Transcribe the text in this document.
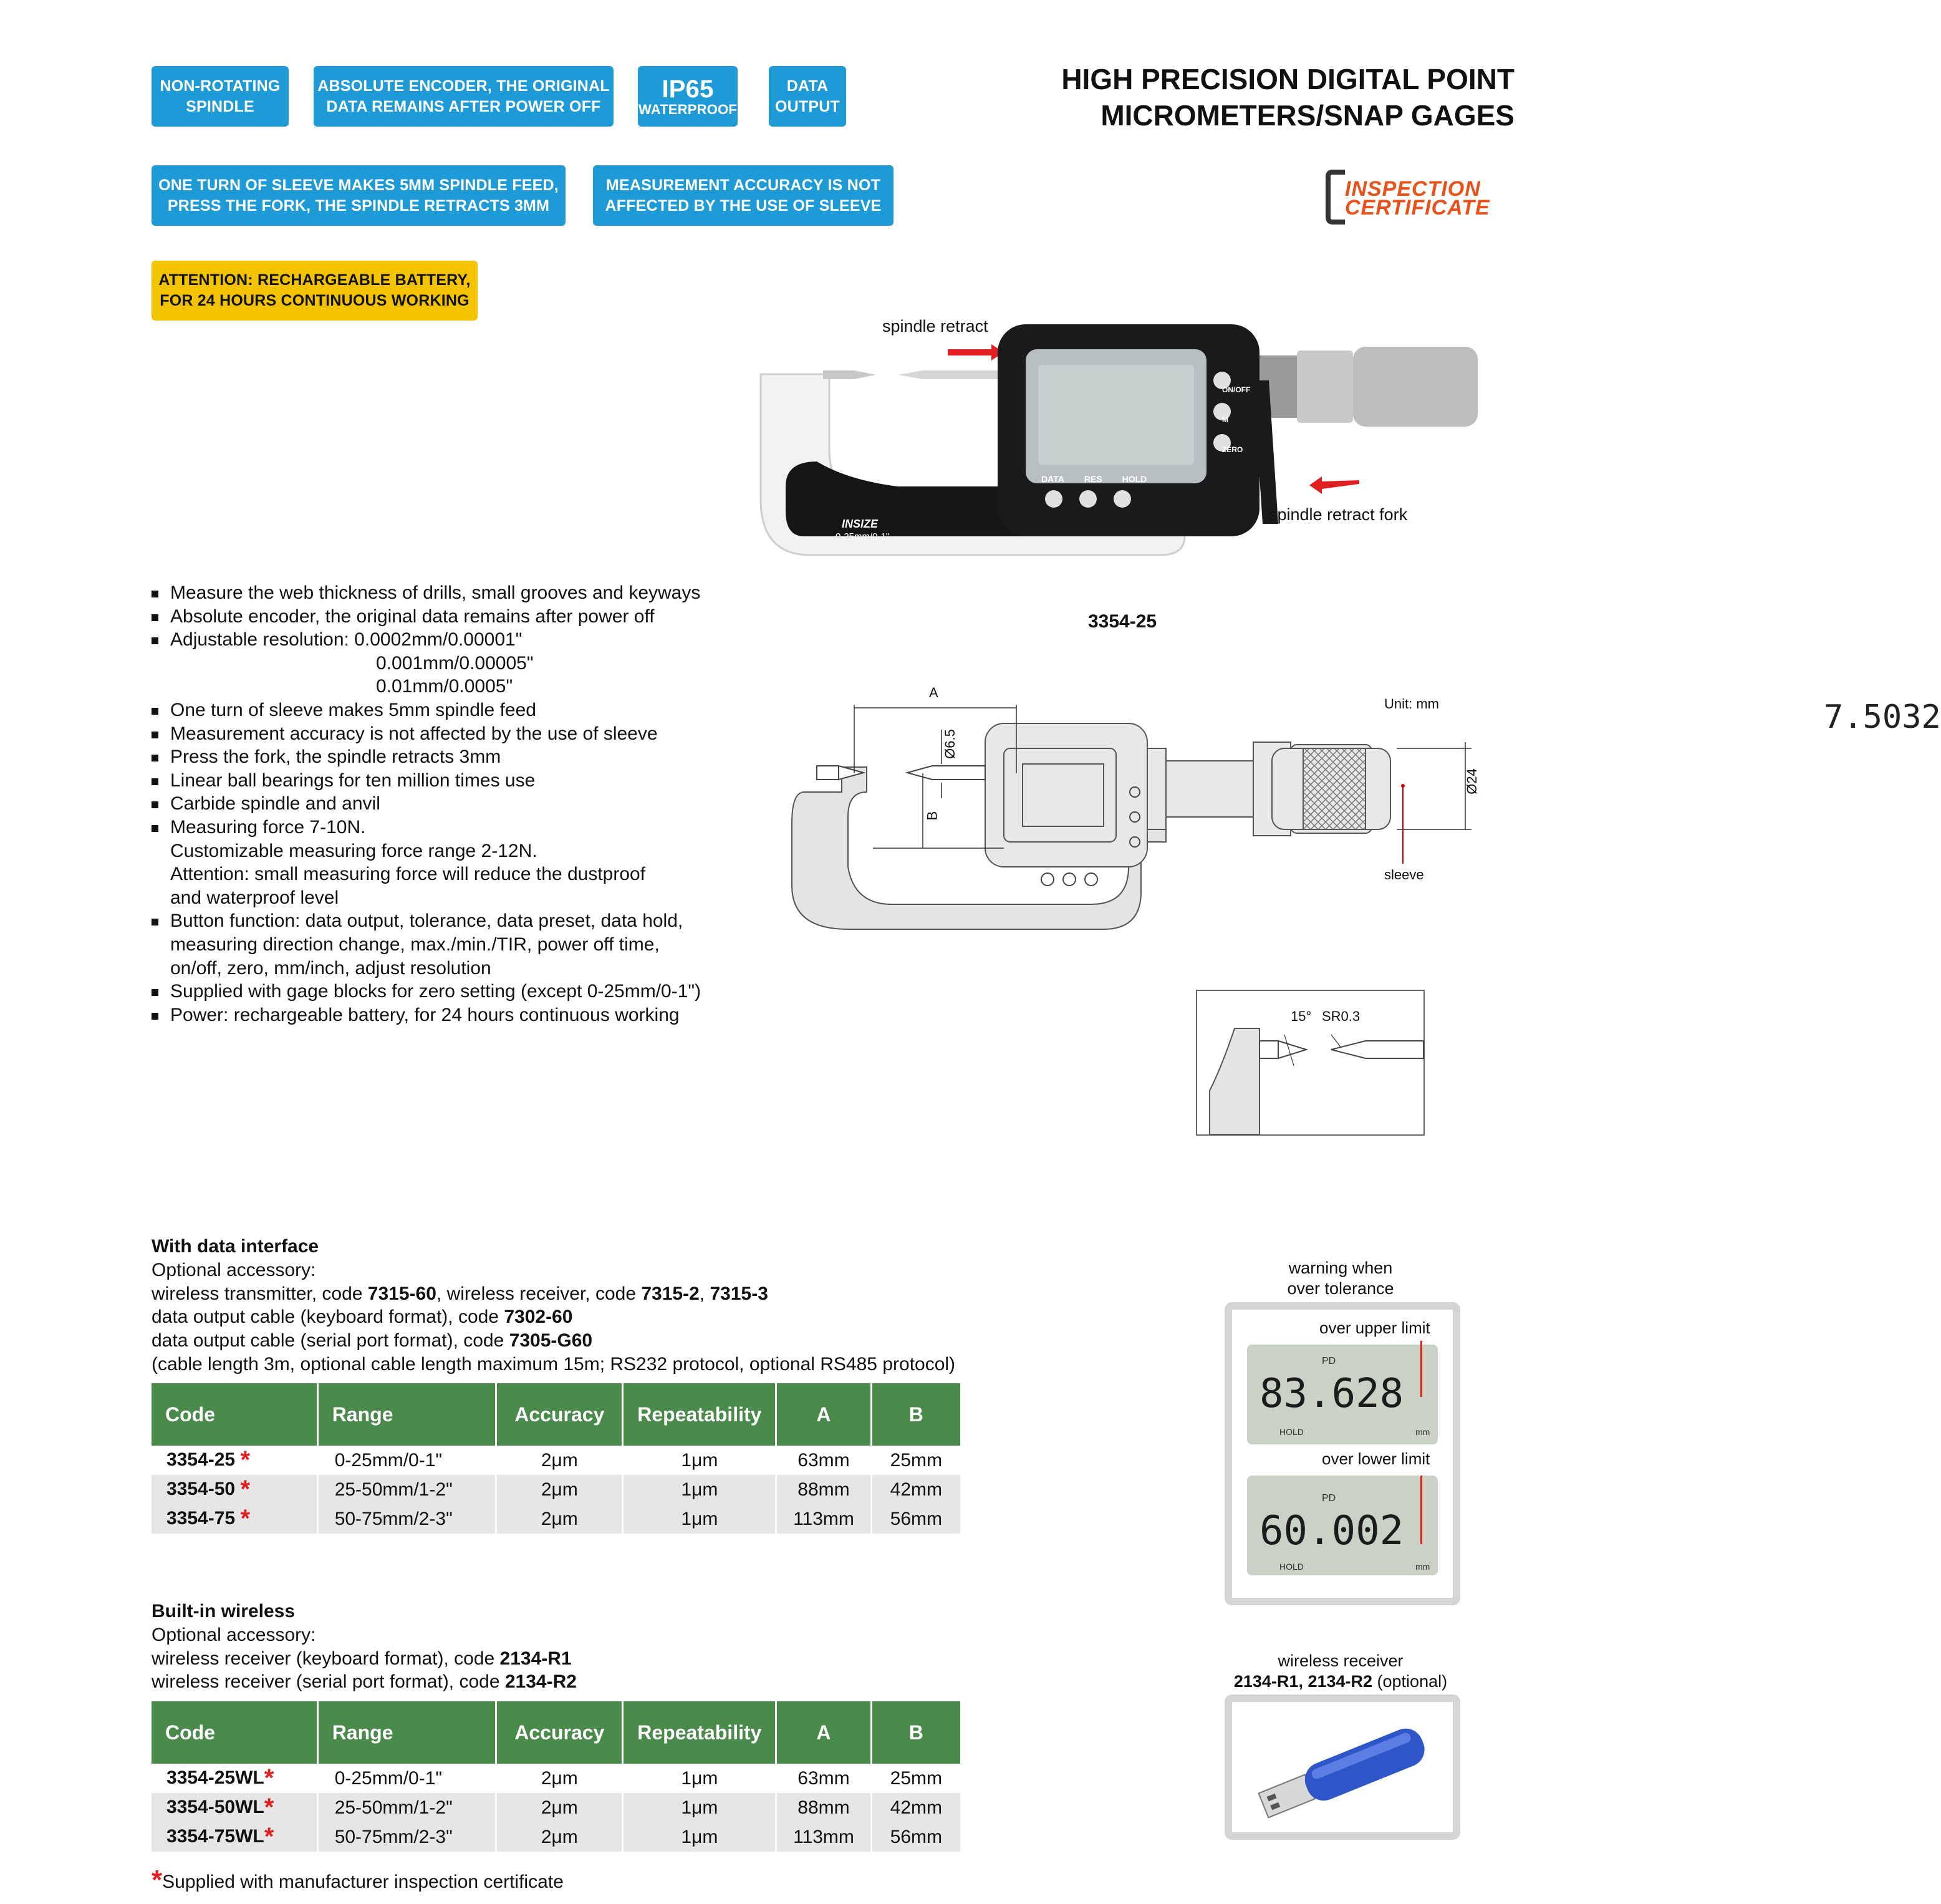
NON-ROTATING
SPINDLE
ABSOLUTE ENCODER, THE ORIGINAL
DATA REMAINS AFTER POWER OFF
IP65
WATERPROOF
DATA
OUTPUT
ONE TURN OF SLEEVE MAKES 5MM SPINDLE FEED,
PRESS THE FORK, THE SPINDLE RETRACTS 3MM
MEASUREMENT ACCURACY IS NOT
AFFECTED BY THE USE OF SLEEVE
ATTENTION: RECHARGEABLE BATTERY,
FOR 24 HOURS CONTINUOUS WORKING
HIGH PRECISION DIGITAL POINT
MICROMETERS/SNAP GAGES
INSPECTION
CERTIFICATE
spindle retract
spindle retract fork
7.5032
INSIZE
0-25mm/0-1"
DATA RES HOLD
ON/OFF
M
ZERO
3354-25
Measure the web thickness of drills, small grooves and keyways
Absolute encoder, the original data remains after power off
Adjustable resolution: 0.0002mm/0.00001"
0.001mm/0.00005"
0.01mm/0.0005"
One turn of sleeve makes 5mm spindle feed
Measurement accuracy is not affected by the use of sleeve
Press the fork, the spindle retracts 3mm
Linear ball bearings for ten million times use
Carbide spindle and anvil
Measuring force 7-10N.
Customizable measuring force range 2-12N.
Attention: small measuring force will reduce the dustproof
and waterproof level
Button function: data output, tolerance, data preset, data hold,
measuring direction change, max./min./TIR, power off time,
on/off, zero, mm/inch, adjust resolution
Supplied with gage blocks for zero setting (except 0-25mm/0-1")
Power: rechargeable battery, for 24 hours continuous working
A
B
Ø6.5
Ø24
sleeve
Unit: mm
15° SR0.3
With data interface
Optional accessory:
wireless transmitter, code 7315-60, wireless receiver, code 7315-2, 7315-3
data output cable (keyboard format), code 7302-60
data output cable (serial port format), code 7305-G60
(cable length 3m, optional cable length maximum 15m; RS232 protocol, optional RS485 protocol)
Code	Range	Accuracy	Repeatability	A	B
3354-25 *	0-25mm/0-1"	2μm	1μm	63mm	25mm
3354-50 *	25-50mm/1-2"	2μm	1μm	88mm	42mm
3354-75 *	50-75mm/2-3"	2μm	1μm	113mm	56mm
Built-in wireless
Optional accessory:
wireless receiver (keyboard format), code 2134-R1
wireless receiver (serial port format), code 2134-R2
Code	Range	Accuracy	Repeatability	A	B
3354-25WL*	0-25mm/0-1"	2μm	1μm	63mm	25mm
3354-50WL*	25-50mm/1-2"	2μm	1μm	88mm	42mm
3354-75WL*	50-75mm/2-3"	2μm	1μm	113mm	56mm
*Supplied with manufacturer inspection certificate
warning when
over tolerance
over upper limit
PD
83.628
HOLD	mm
over lower limit
PD
60.002
HOLD	mm
wireless receiver
2134-R1, 2134-R2 (optional)
